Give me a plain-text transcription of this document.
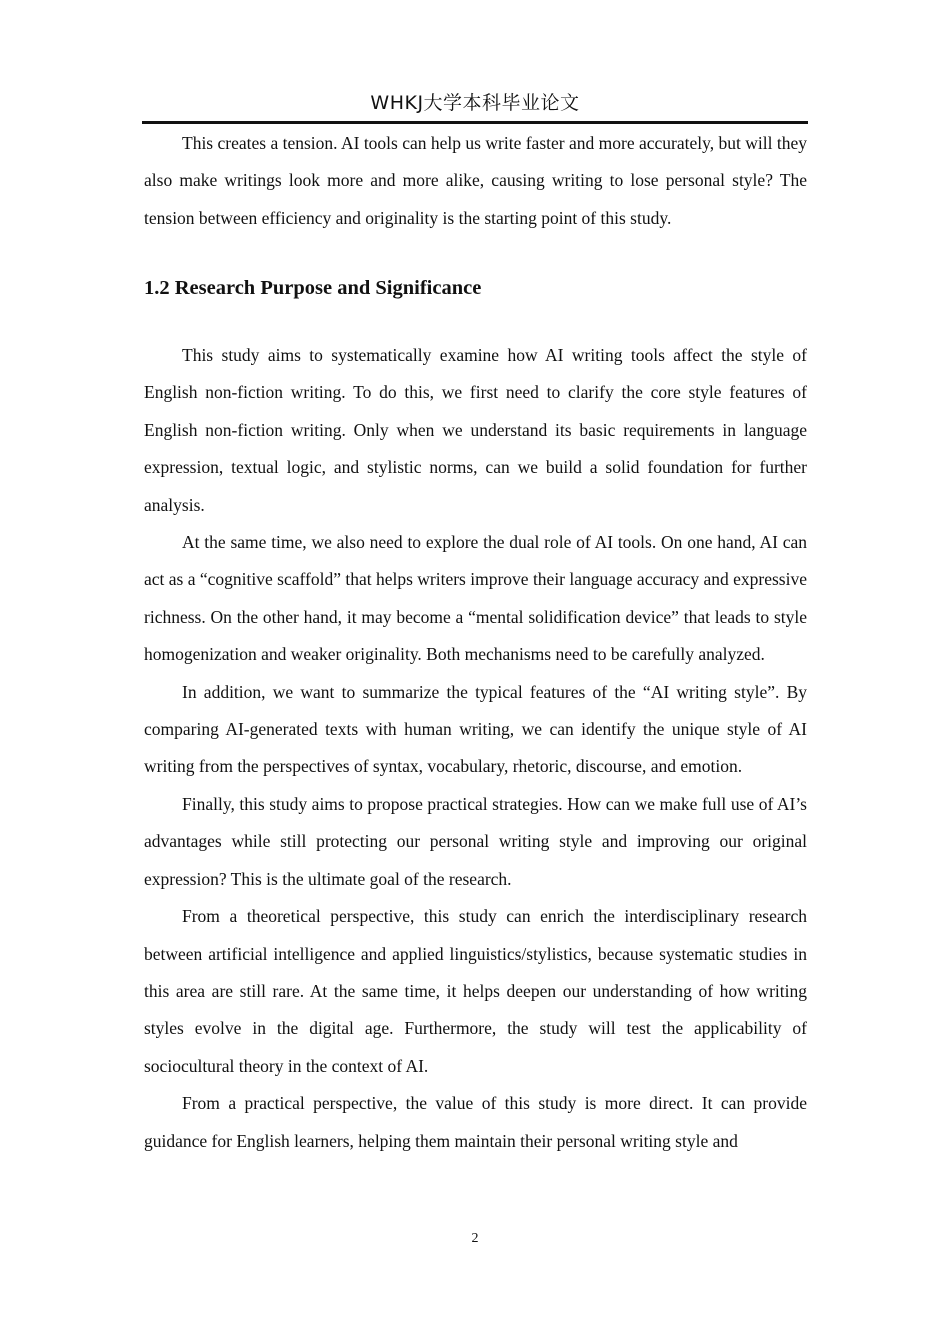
WHKJ大学本科毕业论文

This creates a tension. AI tools can help us write faster and more accurately, but will they also make writings look more and more alike, causing writing to lose personal style? The tension between efficiency and originality is the starting point of this study.

1.2 Research Purpose and Significance

This study aims to systematically examine how AI writing tools affect the style of English non-fiction writing. To do this, we first need to clarify the core style features of English non-fiction writing. Only when we understand its basic requirements in language expression, textual logic, and stylistic norms, can we build a solid foundation for further analysis.

At the same time, we also need to explore the dual role of AI tools. On one hand, AI can act as a “cognitive scaffold” that helps writers improve their language accuracy and expressive richness. On the other hand, it may become a “mental solidification device” that leads to style homogenization and weaker originality. Both mechanisms need to be carefully analyzed.

In addition, we want to summarize the typical features of the “AI writing style”. By comparing AI-generated texts with human writing, we can identify the unique style of AI writing from the perspectives of syntax, vocabulary, rhetoric, discourse, and emotion.

Finally, this study aims to propose practical strategies. How can we make full use of AI’s advantages while still protecting our personal writing style and improving our original expression? This is the ultimate goal of the research.

From a theoretical perspective, this study can enrich the interdisciplinary research between artificial intelligence and applied linguistics/stylistics, because systematic studies in this area are still rare. At the same time, it helps deepen our understanding of how writing styles evolve in the digital age. Furthermore, the study will test the applicability of sociocultural theory in the context of AI.

From a practical perspective, the value of this study is more direct. It can provide guidance for English learners, helping them maintain their personal writing style and

2
